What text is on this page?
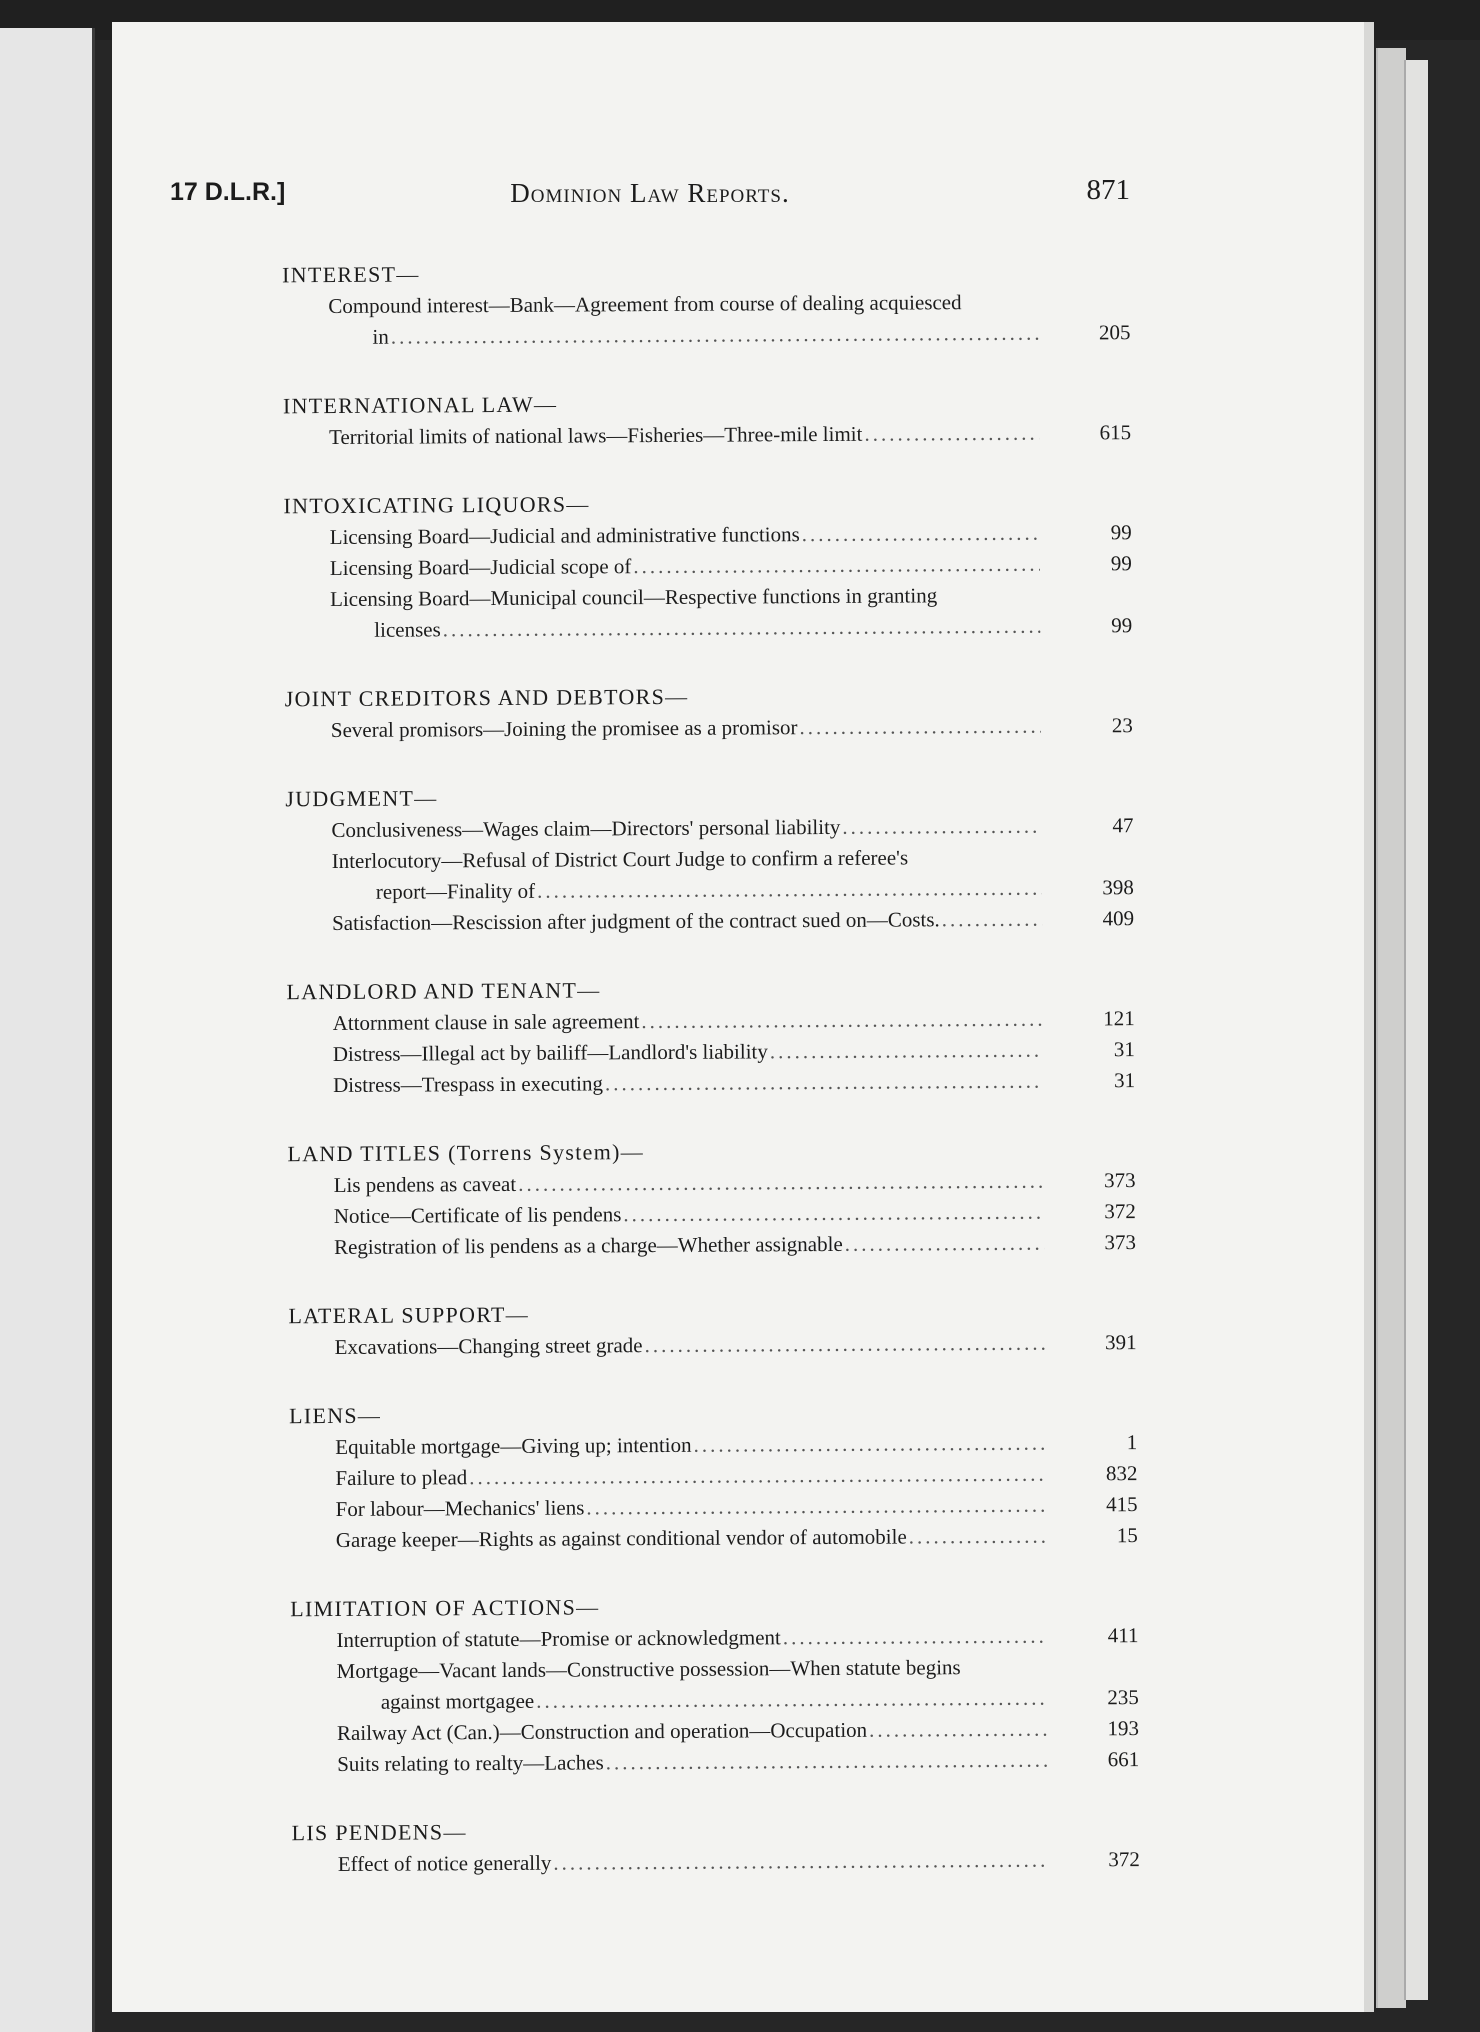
17 D.L.R.]	Dominion Law Reports.	871
INTEREST—
Compound interest—Bank—Agreement from course of dealing acquiesced
in .....	205
INTERNATIONAL LAW—
Territorial limits of national laws—Fisheries—Three-mile limit .....	615
INTOXICATING LIQUORS—
Licensing Board—Judicial and administrative functions .....	99
Licensing Board—Judicial scope of .....	99
Licensing Board—Municipal council—Respective functions in granting
licenses .....	99
JOINT CREDITORS AND DEBTORS—
Several promisors—Joining the promisee as a promisor .....	23
JUDGMENT—
Conclusiveness—Wages claim—Directors' personal liability .....	47
Interlocutory—Refusal of District Court Judge to confirm a referee's
report—Finality of .....	398
Satisfaction—Rescission after judgment of the contract sued on—Costs. .....	409
LANDLORD AND TENANT—
Attornment clause in sale agreement .....	121
Distress—Illegal act by bailiff—Landlord's liability .....	31
Distress—Trespass in executing .....	31
LAND TITLES (Torrens System)—
Lis pendens as caveat .....	373
Notice—Certificate of lis pendens .....	372
Registration of lis pendens as a charge—Whether assignable .....	373
LATERAL SUPPORT—
Excavations—Changing street grade .....	391
LIENS—
Equitable mortgage—Giving up; intention .....	1
Failure to plead .....	832
For labour—Mechanics' liens .....	415
Garage keeper—Rights as against conditional vendor of automobile .....	15
LIMITATION OF ACTIONS—
Interruption of statute—Promise or acknowledgment .....	411
Mortgage—Vacant lands—Constructive possession—When statute begins
against mortgagee .....	235
Railway Act (Can.)—Construction and operation—Occupation .....	193
Suits relating to realty—Laches .....	661
LIS PENDENS—
Effect of notice generally .....	372
